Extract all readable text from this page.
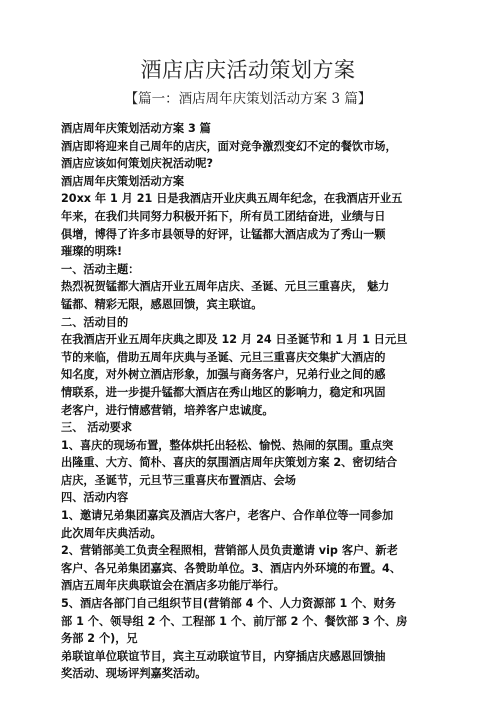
酒店店庆活动策划方案
【篇一：酒店周年庆策划活动方案 3 篇】
酒店周年庆策划活动方案 3 篇
酒店即将迎来自己周年的店庆，面对竞争激烈变幻不定的餐饮市场，
酒店应该如何策划庆祝活动呢?
酒店周年庆策划活动方案
20xx 年 1 月 21 日是我酒店开业庆典五周年纪念，在我酒店开业五
年来，在我们共同努力积极开拓下，所有员工团结奋进，业绩与日
俱增，博得了许多市县领导的好评，让锰都大酒店成为了秀山一颗
璀璨的明珠!
一、活动主题：
热烈祝贺锰都大酒店开业五周年店庆、圣诞、元旦三重喜庆， 魅力
锰都、精彩无限，感恩回馈，宾主联谊。
二、活动目的
在我酒店开业五周年庆典之即及 12 月 24 日圣诞节和 1 月 1 日元旦
节的来临，借助五周年庆典与圣诞、元旦三重喜庆交集扩大酒店的
知名度，对外树立酒店形象，加强与商务客户，兄弟行业之间的感
情联系，进一步提升锰都大酒店在秀山地区的影响力，稳定和巩固
老客户，进行情感营销，培养客户忠诚度。
三、 活动要求
1、喜庆的现场布置，整体烘托出轻松、愉悦、热闹的氛围。重点突
出隆重、大方、简朴、喜庆的氛围酒店周年庆策划方案 2、密切结合
店庆，圣诞节，元旦节三重喜庆布置酒店、会场
四、活动内容
1、邀请兄弟集团嘉宾及酒店大客户，老客户、合作单位等一同参加
此次周年庆典活动。
2、营销部美工负责全程照相，营销部人员负责邀请 vip 客户、新老
客户、各兄弟集团嘉宾、各赞助单位。3、酒店内外环境的布置。4、
酒店五周年庆典联谊会在酒店多功能厅举行。
5、酒店各部门自己组织节目(营销部 4 个、人力资源部 1 个、财务
部 1 个、领导组 2 个、工程部 1 个、前厅部 2 个、餐饮部 3 个、房
务部 2 个)，兄
弟联谊单位联谊节目，宾主互动联谊节目，内穿插店庆感恩回馈抽
奖活动、现场评判嘉奖活动。
